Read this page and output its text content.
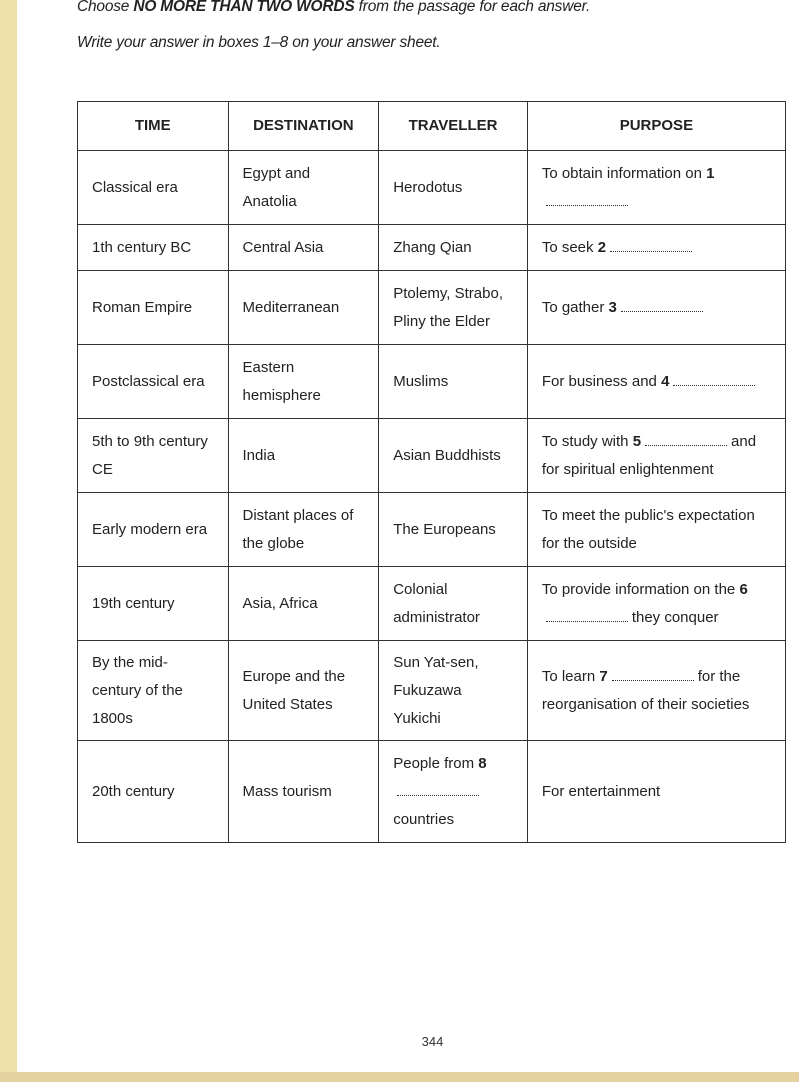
Choose NO MORE THAN TWO WORDS from the passage for each answer.
Write your answer in boxes 1–8 on your answer sheet.
TIME	DESTINATION	TRAVELLER	PURPOSE
Classical era	Egypt and Anatolia	Herodotus	To obtain information on 1
1th century BC	Central Asia	Zhang Qian	To seek 2
Roman Empire	Mediterranean	Ptolemy, Strabo, Pliny the Elder	To gather 3
Postclassical era	Eastern hemisphere	Muslims	For business and 4
5th to 9th century CE	India	Asian Buddhists	To study with 5 and for spiritual enlightenment
Early modern era	Distant places of the globe	The Europeans	To meet the public's expectation for the outside
19th century	Asia, Africa	Colonial administrator	To provide information on the 6they conquer
By the mid-century of the 1800s	Europe and the United States	Sun Yat-sen, Fukuzawa Yukichi	To learn 7 for the reorganisation of their societies
20th century	Mass tourism	People from 8countries	For entertainment
344
